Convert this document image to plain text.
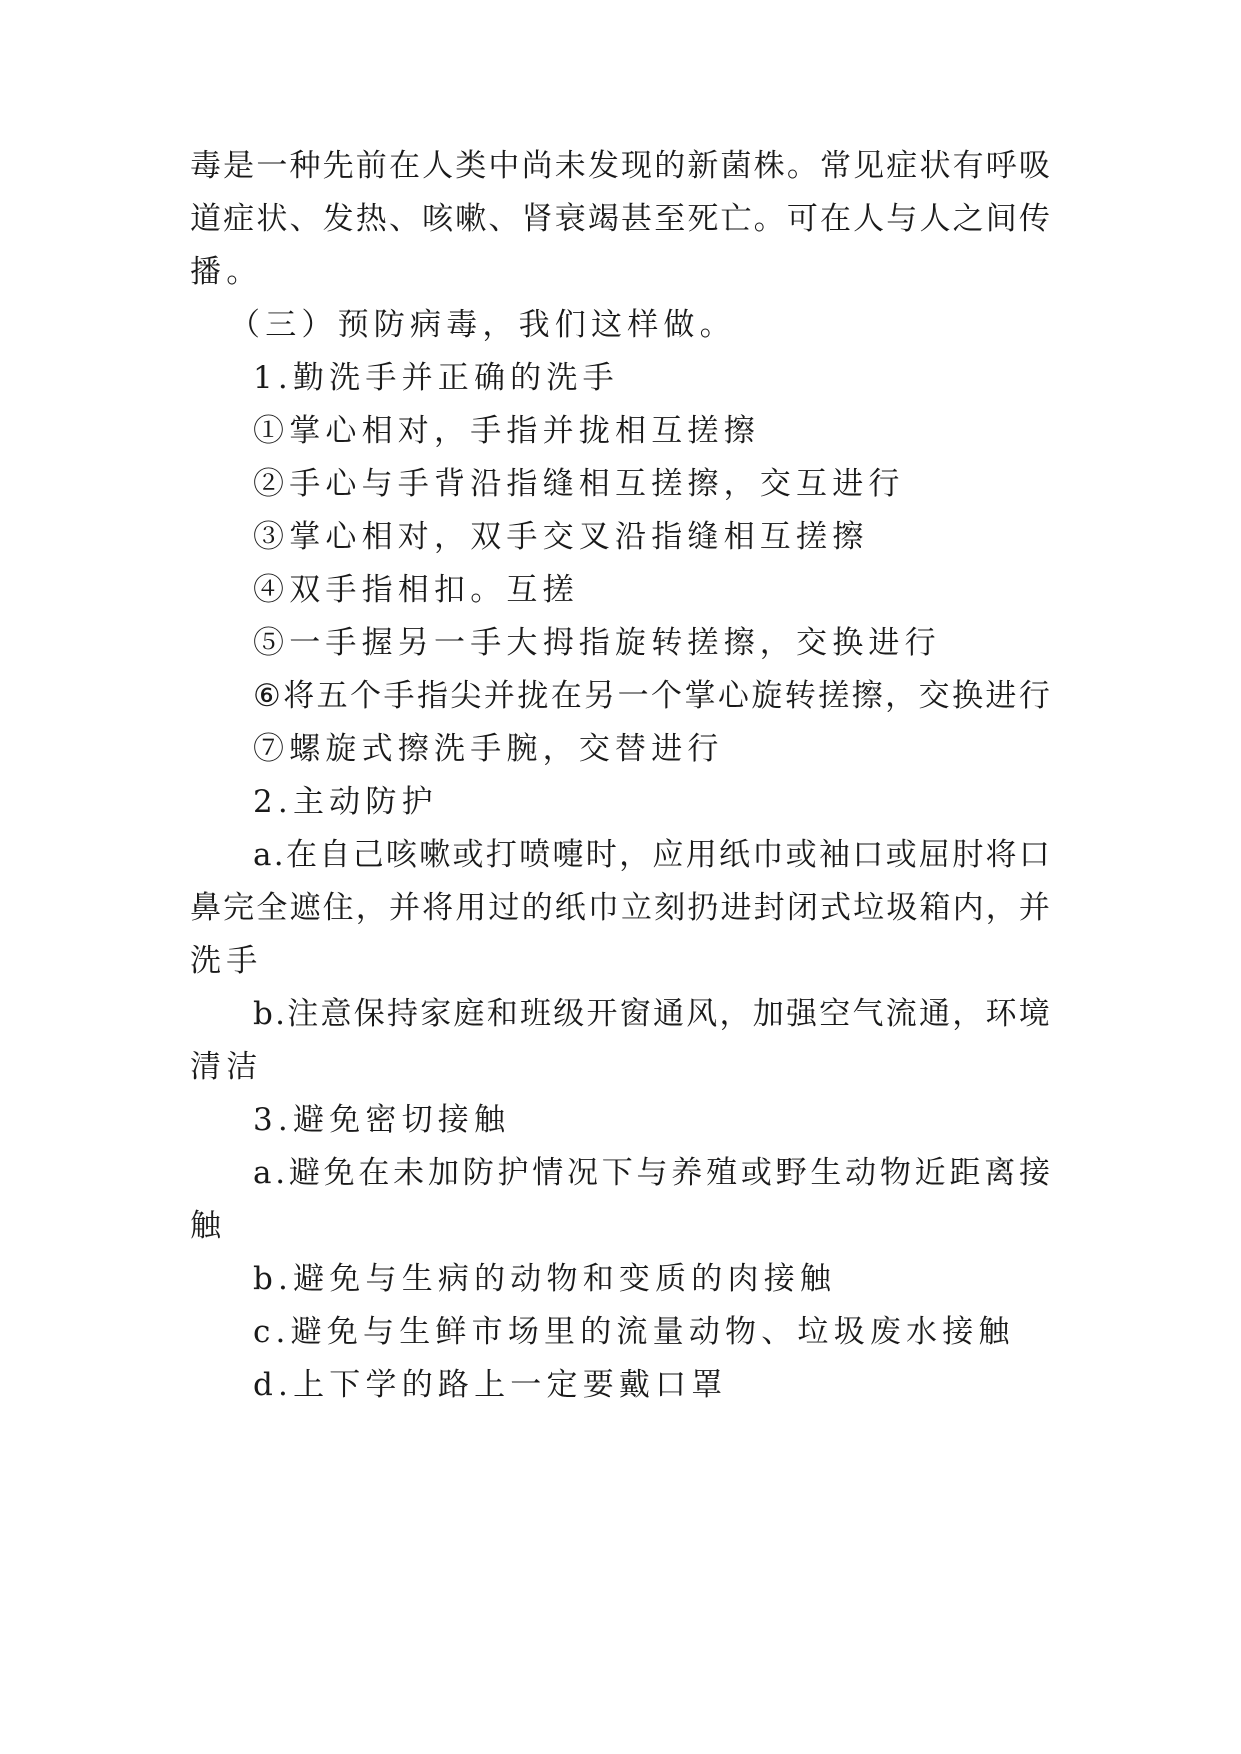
毒 是 一 种 先 前 在 人 类 中 尚 未 发 现 的 新 菌 株 。 常 见 症 状 有 呼 吸
道 症 状 、 发 热 、 咳 嗽 、 肾 衰 竭 甚 至 死 亡 。 可 在 人 与 人 之 间 传
播。
（三）预防病毒，我们这样做。
1.勤洗手并正确的洗手
①掌心相对，手指并拢相互搓擦
②手心与手背沿指缝相互搓擦，交互进行
③掌心相对，双手交叉沿指缝相互搓擦
④双手指相扣。互搓
⑤一手握另一手大拇指旋转搓擦，交换进行
⑥ 将 五 个 手 指 尖 并 拢 在 另 一 个 掌 心 旋 转 搓 擦 ， 交 换 进 行
⑦螺旋式擦洗手腕，交替进行
2.主动防护
a . 在 自 己 咳 嗽 或 打 喷 嚏 时 ， 应 用 纸 巾 或 袖 口 或 屈 肘 将 口
鼻 完 全 遮 住 ， 并 将 用 过 的 纸 巾 立 刻 扔 进 封 闭 式 垃 圾 箱 内 ， 并
洗手
b . 注 意 保 持 家 庭 和 班 级 开 窗 通 风 ， 加 强 空 气 流 通 ， 环 境
清洁
3.避免密切接触
a . 避 免 在 未 加 防 护 情 况 下 与 养 殖 或 野 生 动 物 近 距 离 接
触
b.避免与生病的动物和变质的肉接触
c.避免与生鲜市场里的流量动物、垃圾废水接触
d.上下学的路上一定要戴口罩
